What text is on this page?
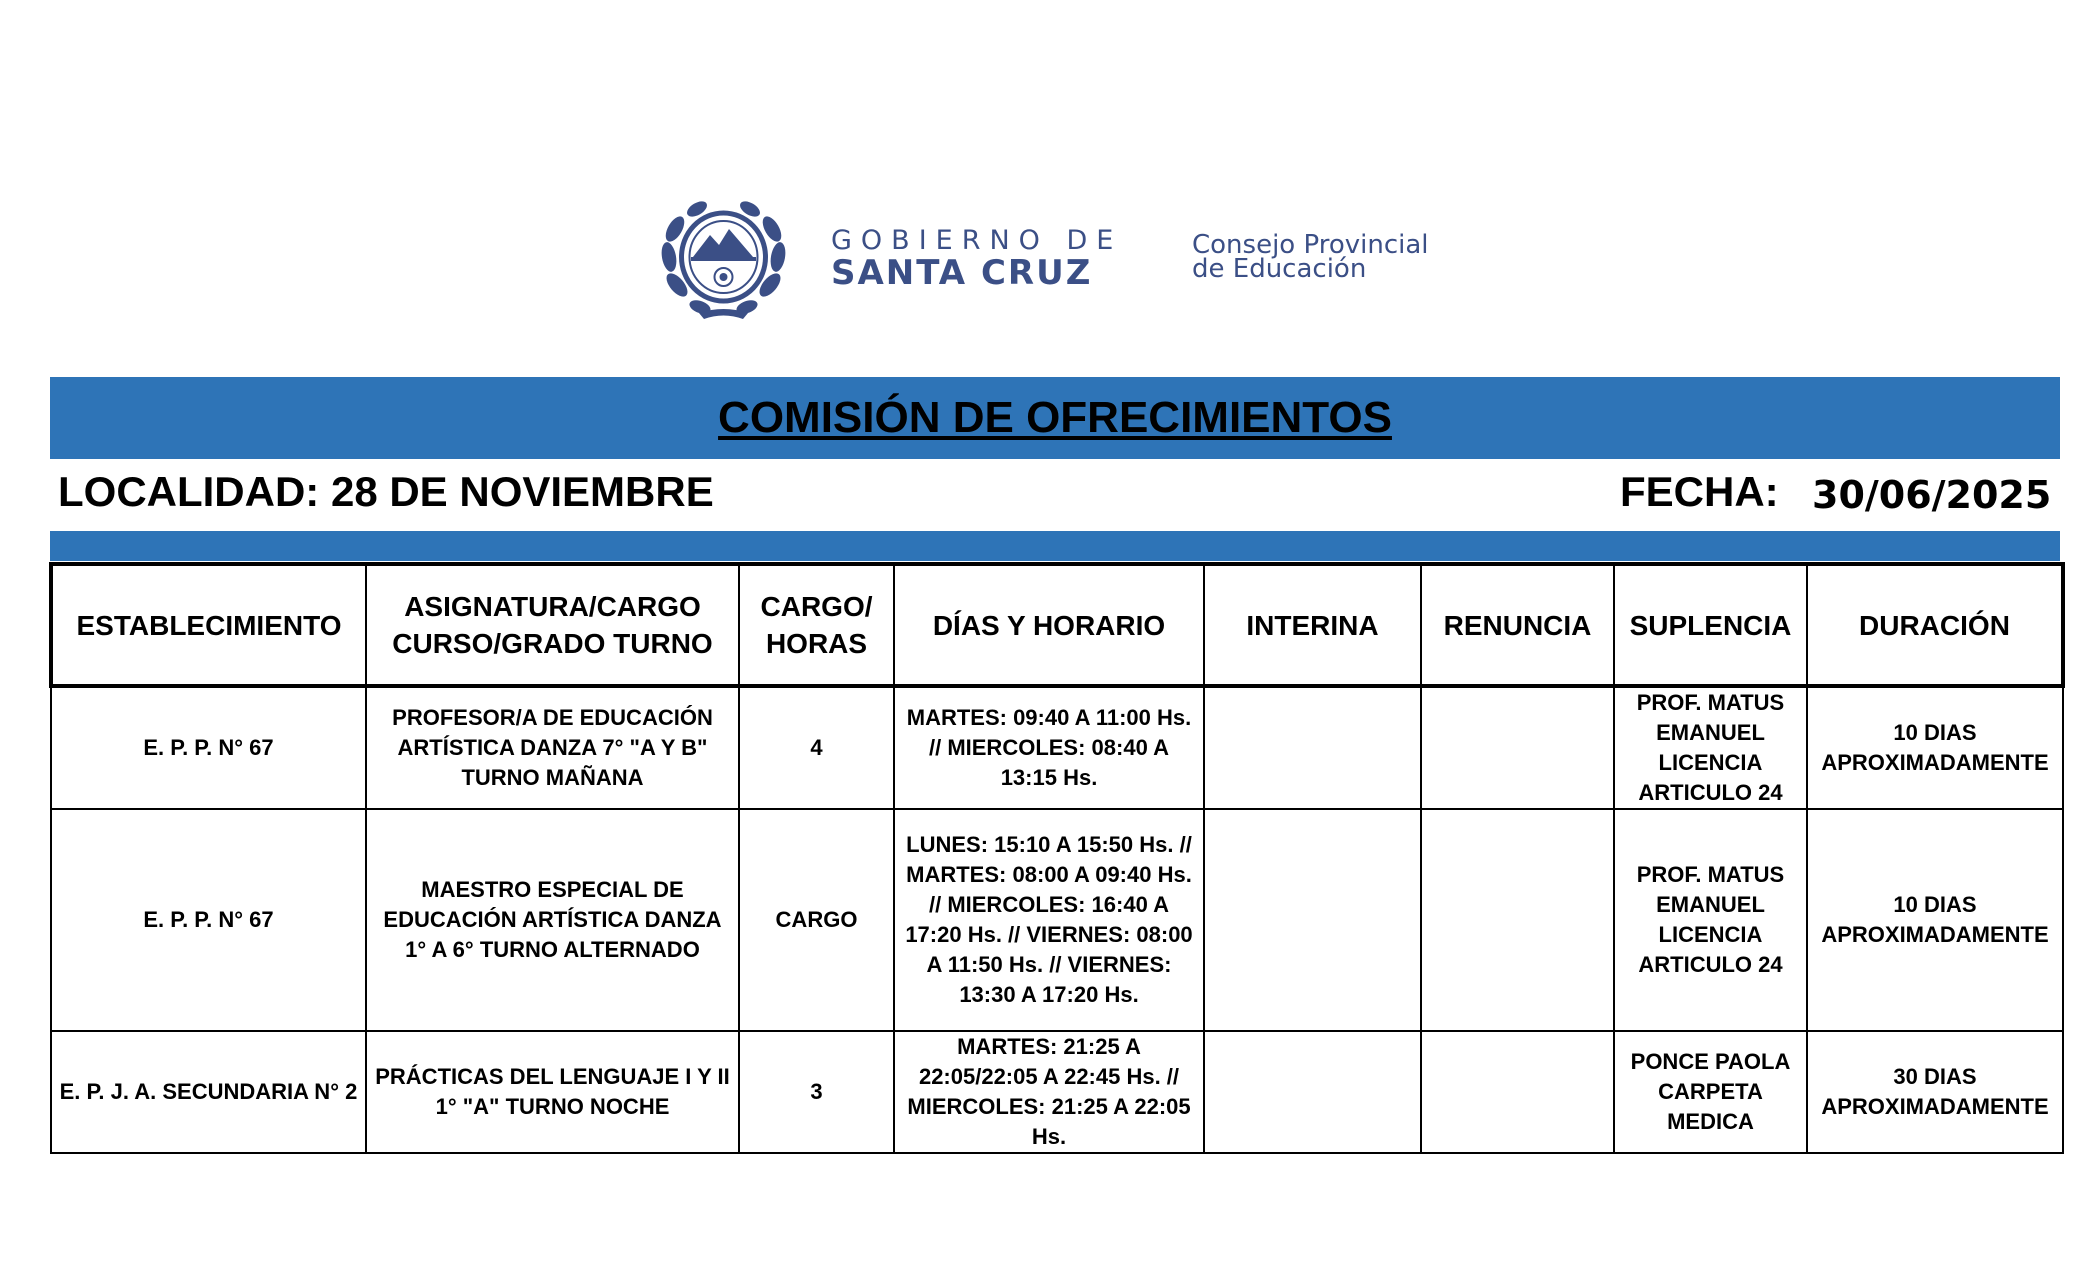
GOBIERNO DE
SANTA CRUZ
Consejo Provincial
de Educación
COMISIÓN DE OFRECIMIENTOS
LOCALIDAD: 28 DE NOVIEMBRE	FECHA: 30/06/2025
ESTABLECIMIENTO	ASIGNATURA/CARGO CURSO/GRADO TURNO	CARGO/ HORAS	DÍAS Y HORARIO	INTERINA	RENUNCIA	SUPLENCIA	DURACIÓN
E. P. P. N° 67	PROFESOR/A DE EDUCACIÓN ARTÍSTICA DANZA 7° "A Y B" TURNO MAÑANA	4	MARTES: 09:40 A 11:00 Hs. // MIERCOLES: 08:40 A 13:15 Hs.			PROF. MATUS EMANUEL LICENCIA ARTICULO 24	10 DIAS APROXIMADAMENTE
E. P. P. N° 67	MAESTRO ESPECIAL DE EDUCACIÓN ARTÍSTICA DANZA 1° A 6° TURNO ALTERNADO	CARGO	LUNES: 15:10 A 15:50 Hs. // MARTES: 08:00 A 09:40 Hs. // MIERCOLES: 16:40 A 17:20 Hs. // VIERNES: 08:00 A 11:50 Hs. // VIERNES: 13:30 A 17:20 Hs.			PROF. MATUS EMANUEL LICENCIA ARTICULO 24	10 DIAS APROXIMADAMENTE
E. P. J. A. SECUNDARIA N° 2	PRÁCTICAS DEL LENGUAJE I Y II 1° "A" TURNO NOCHE	3	MARTES: 21:25 A 22:05/22:05 A 22:45 Hs. // MIERCOLES: 21:25 A 22:05 Hs.			PONCE PAOLA CARPETA MEDICA	30 DIAS APROXIMADAMENTE
